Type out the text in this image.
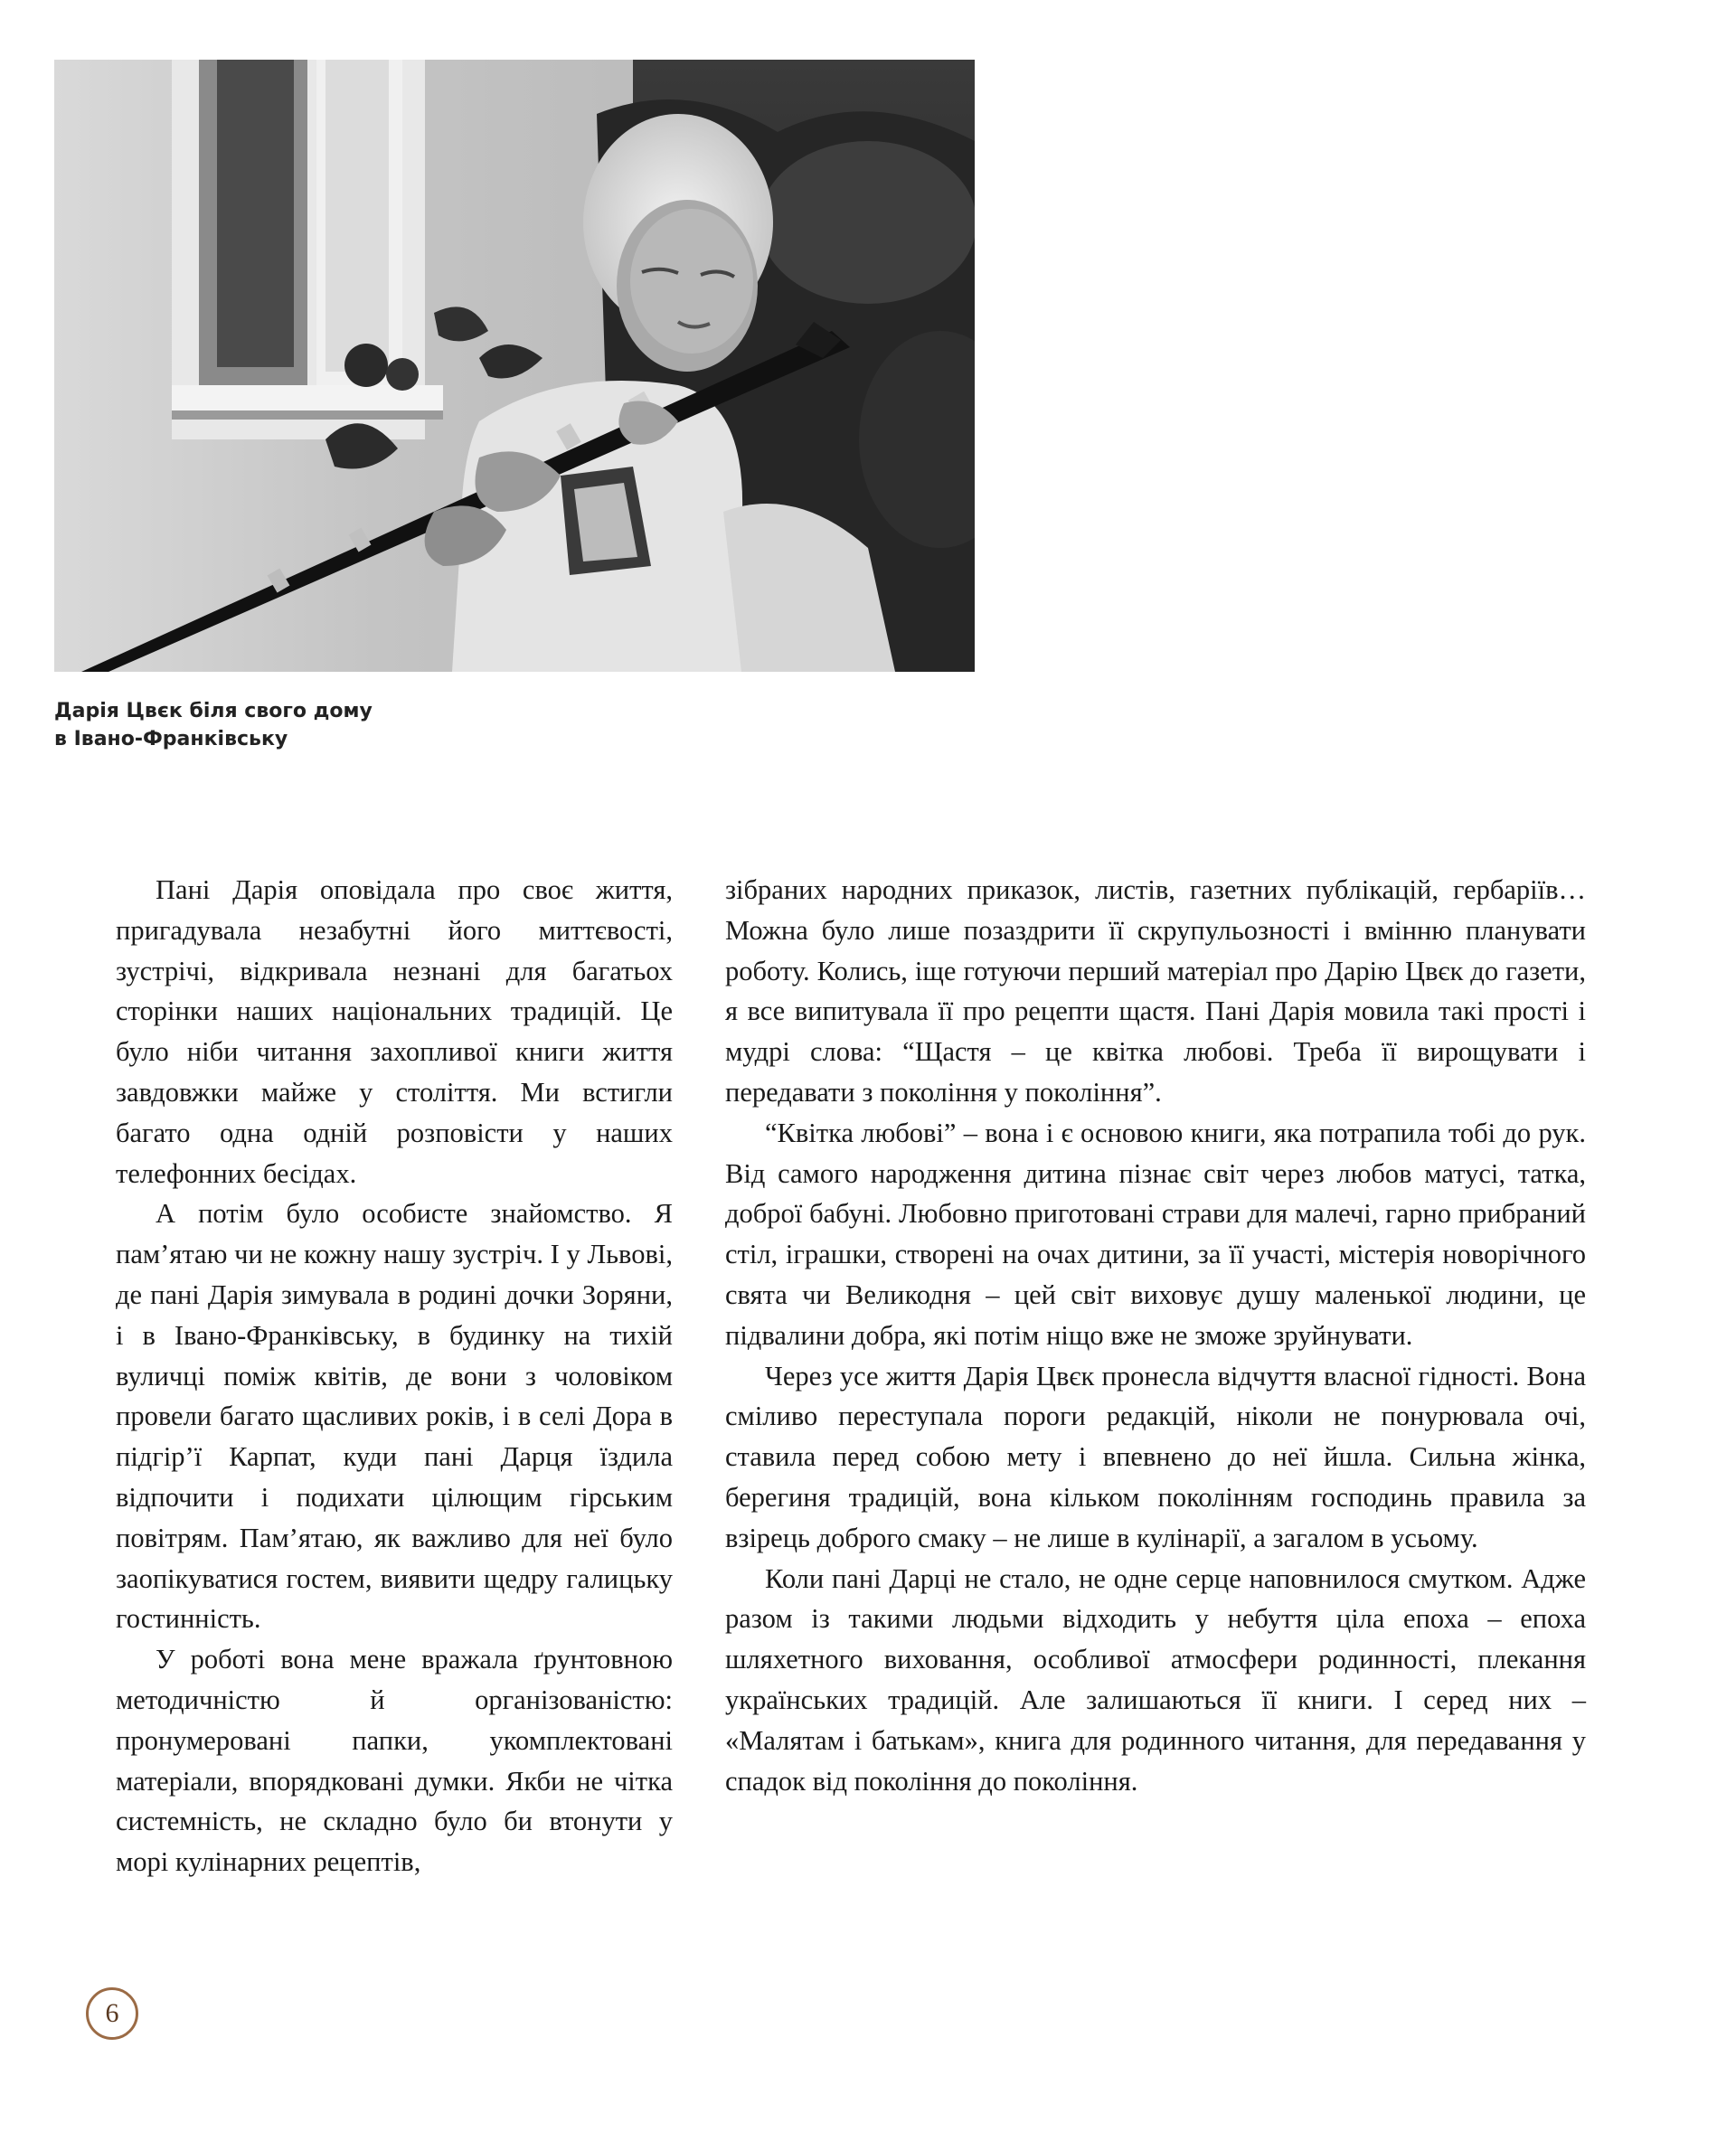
Дарія Цвєк біля свого дому
в Івано-Франківську

Пані Дарія оповідала про своє життя, пригадувала незабутні його миттєвості, зустрічі, відкривала незнані для багатьох сторінки наших національних традицій. Це було ніби читання захопливої книги життя завдовжки майже у століття. Ми встигли багато одна одній розповісти у наших телефонних бесідах.

А потім було особисте знайомство. Я пам’ятаю чи не кожну нашу зустріч. І у Львові, де пані Дарія зимувала в родині дочки Зоряни, і в Івано-Франківську, в будинку на тихій вуличці поміж квітів, де вони з чоловіком провели багато щасливих років, і в селі Дора в підгір’ї Карпат, куди пані Дарця їздила відпочити і подихати цілющим гірським повітрям. Пам’ятаю, як важливо для неї було заопікуватися гостем, виявити щедру галицьку гостинність.

У роботі вона мене вражала ґрунтовною методичністю й організованістю: пронумеровані папки, укомплектовані матеріали, впорядковані думки. Якби не чітка системність, не складно було би втонути у морі кулінарних рецептів,

зібраних народних приказок, листів, газетних публікацій, гербаріїв… Можна було лише позаздрити її скрупульозності і вмінню планувати роботу. Колись, іще готуючи перший матеріал про Дарію Цвєк до газети, я все випитувала її про рецепти щастя. Пані Дарія мовила такі прості і мудрі слова: “Щастя – це квітка любові. Треба її вирощувати і передавати з покоління у покоління”.

“Квітка любові” – вона і є основою книги, яка потрапила тобі до рук. Від самого народження дитина пізнає світ через любов матусі, татка, доброї бабуні. Любовно приготовані страви для малечі, гарно прибраний стіл, іграшки, створені на очах дитини, за її участі, містерія новорічного свята чи Великодня – цей світ виховує душу маленької людини, це підвалини добра, які потім ніщо вже не зможе зруйнувати.

Через усе життя Дарія Цвєк пронесла відчуття власної гідності. Вона сміливо переступала пороги редакцій, ніколи не понурювала очі, ставила перед собою мету і впевнено до неї йшла. Сильна жінка, берегиня традицій, вона кільком поколінням господинь правила за взірець доброго смаку – не лише в кулінарії, а загалом в усьому.

Коли пані Дарці не стало, не одне серце наповнилося смутком. Адже разом із такими людьми відходить у небуття ціла епоха – епоха шляхетного виховання, особливої атмосфери родинності, плекання українських традицій. Але залишаються її книги. І серед них – «Малятам і батькам», книга для родинного читання, для передавання у спадок від покоління до покоління.

6
